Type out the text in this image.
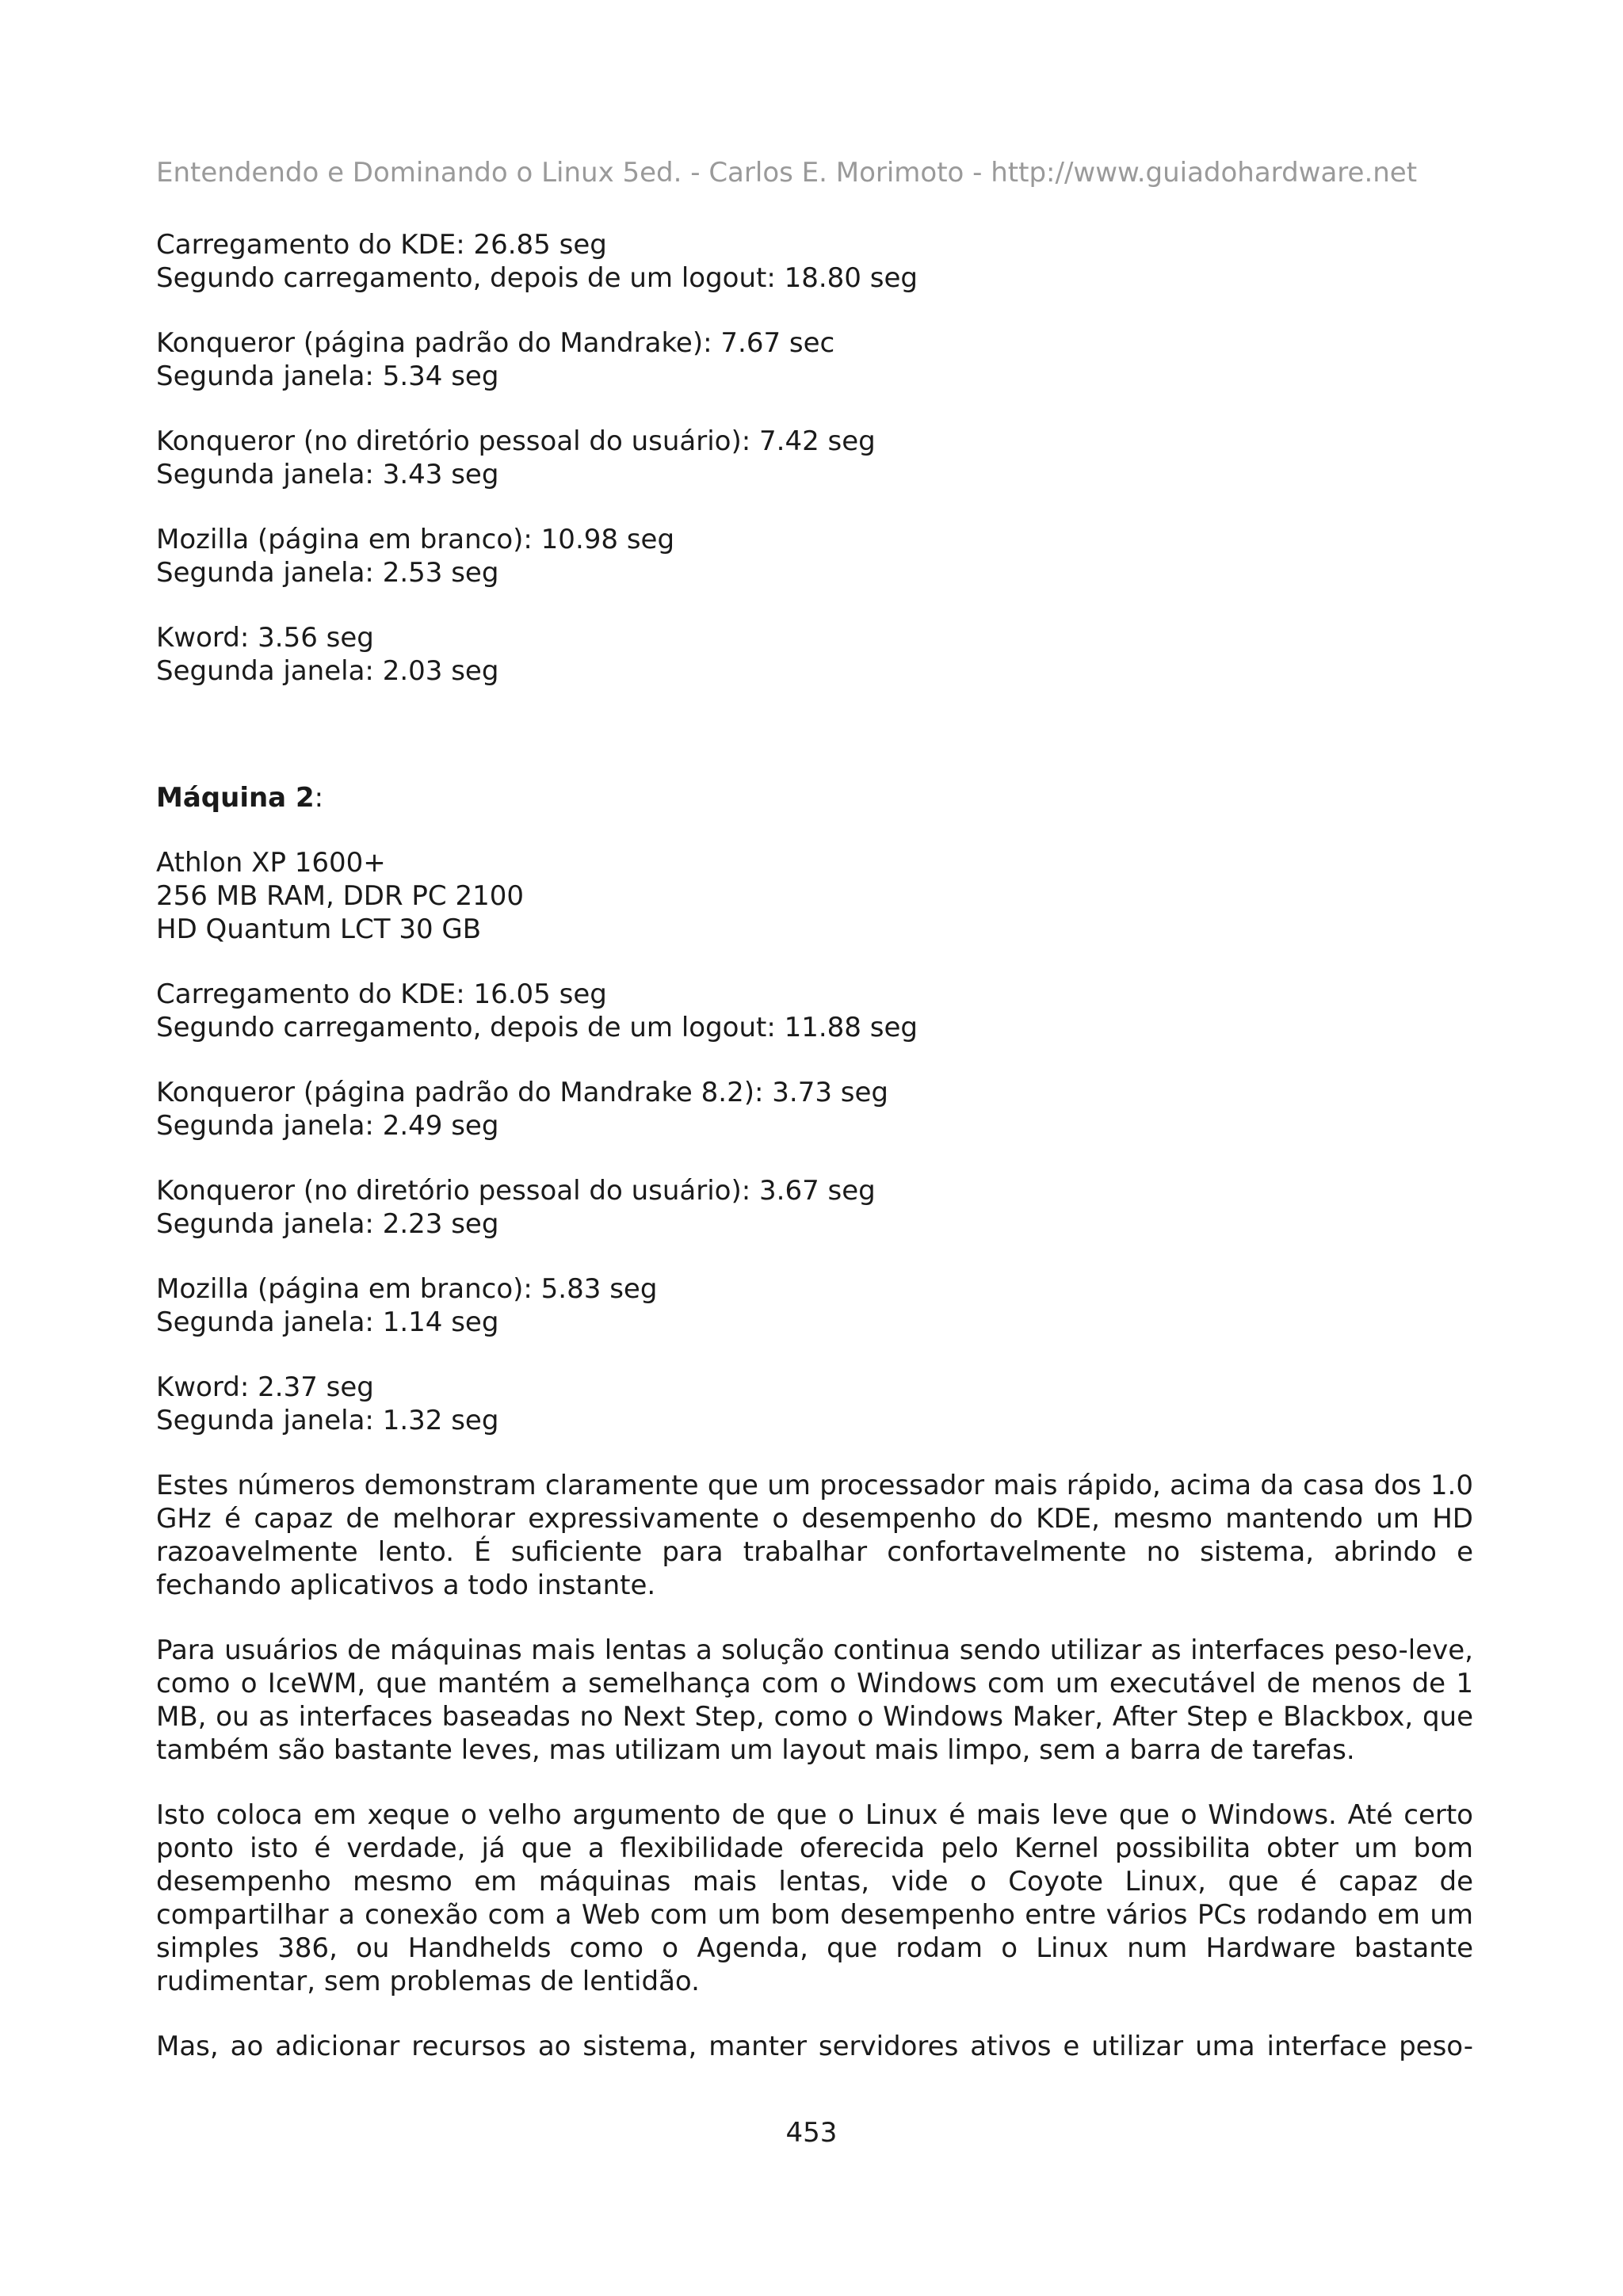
Entendendo e Dominando o Linux 5ed. - Carlos E. Morimoto - http://www.guiadohardware.net
Carregamento do KDE: 26.85 seg
Segundo carregamento, depois de um logout: 18.80 seg
Konqueror (página padrão do Mandrake): 7.67 sec
Segunda janela: 5.34 seg
Konqueror (no diretório pessoal do usuário): 7.42 seg
Segunda janela: 3.43 seg
Mozilla (página em branco): 10.98 seg
Segunda janela: 2.53 seg
Kword: 3.56 seg
Segunda janela: 2.03 seg
Máquina 2:
Athlon XP 1600+
256 MB RAM, DDR PC 2100
HD Quantum LCT 30 GB
Carregamento do KDE: 16.05 seg
Segundo carregamento, depois de um logout: 11.88 seg
Konqueror (página padrão do Mandrake 8.2): 3.73 seg
Segunda janela: 2.49 seg
Konqueror (no diretório pessoal do usuário): 3.67 seg
Segunda janela: 2.23 seg
Mozilla (página em branco): 5.83 seg
Segunda janela: 1.14 seg
Kword: 2.37 seg
Segunda janela: 1.32 seg

Estes números demonstram claramente que um processador mais rápido, acima da casa dos 1.0 GHz é capaz de melhorar expressivamente o desempenho do KDE, mesmo mantendo um HD razoavelmente lento. É suficiente para trabalhar confortavelmente no sistema, abrindo e fechando aplicativos a todo instante.

Para usuários de máquinas mais lentas a solução continua sendo utilizar as interfaces peso-leve, como o IceWM, que mantém a semelhança com o Windows com um executável de menos de 1 MB, ou as interfaces baseadas no Next Step, como o Windows Maker, After Step e Blackbox, que também são bastante leves, mas utilizam um layout mais limpo, sem a barra de tarefas.

Isto coloca em xeque o velho argumento de que o Linux é mais leve que o Windows. Até certo ponto isto é verdade, já que a flexibilidade oferecida pelo Kernel possibilita obter um bom desempenho mesmo em máquinas mais lentas, vide o Coyote Linux, que é capaz de compartilhar a conexão com a Web com um bom desempenho entre vários PCs rodando em um simples 386, ou Handhelds como o Agenda, que rodam o Linux num Hardware bastante rudimentar, sem problemas de lentidão.

Mas, ao adicionar recursos ao sistema, manter servidores ativos e utilizar uma interface peso-

453
